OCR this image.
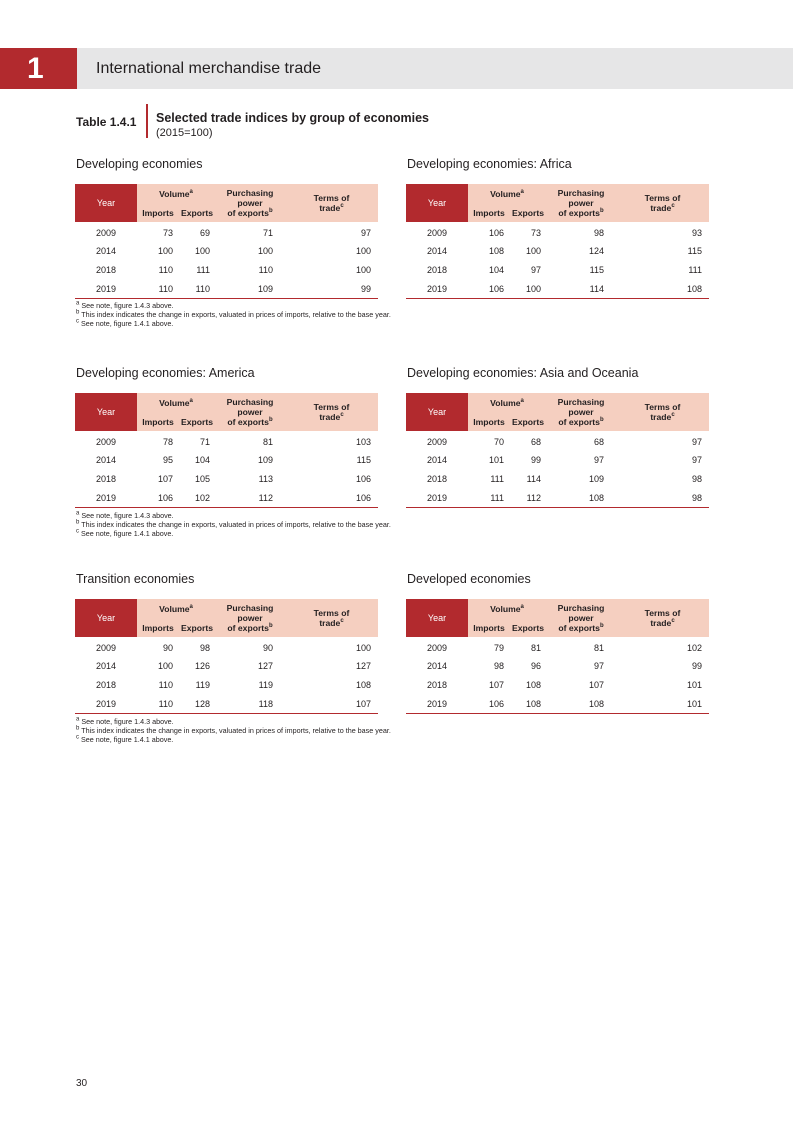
1	International merchandise trade
Table 1.4.1 Selected trade indices by group of economies
(2015=100)
Developing economies
Year	Volume$^a$		Purchasing
power
of exports$^b$	Terms of
trade$^c$
	Imports	Exports		
2009	73	69	71	97
2014	100	100	100	100
2018	110	111	110	100
2019	110	110	109	99
Developing economies: Africa
Year	Volume$^a$		Purchasing
power
of exports$^b$	Terms of
trade$^c$
	Imports	Exports		
2009	106	73	98	93
2014	108	100	124	115
2018	104	97	115	111
2019	106	100	114	108

$^a$ See note, figure 1.4.3 above.

$^b$ This index indicates the change in exports, valuated in prices of imports, relative to the base year.

$^c$ See note, figure 1.4.1 above.

Developing economies: America
Year	Volume$^a$		Purchasing
power
of exports$^b$	Terms of
trade$^c$
	Imports	Exports		
2009	78	71	81	103
2014	95	104	109	115
2018	107	105	113	106
2019	106	102	112	106
Developing economies: Asia and Oceania
Year	Volume$^a$		Purchasing
power
of exports$^b$	Terms of
trade$^c$
	Imports	Exports		
2009	70	68	68	97
2014	101	99	97	97
2018	111	114	109	98
2019	111	112	108	98

$^a$ See note, figure 1.4.3 above.

$^b$ This index indicates the change in exports, valuated in prices of imports, relative to the base year.

$^c$ See note, figure 1.4.1 above.

Transition economies
Year	Volume$^a$		Purchasing
power
of exports$^b$	Terms of
trade$^c$
	Imports	Exports		
2009	90	98	90	100
2014	100	126	127	127
2018	110	119	119	108
2019	110	128	118	107
Developed economies
Year	Volume$^a$		Purchasing
power
of exports$^b$	Terms of
trade$^c$
	Imports	Exports		
2009	79	81	81	102
2014	98	96	97	99
2018	107	108	107	101
2019	106	108	108	101

$^a$ See note, figure 1.4.3 above.

$^b$ This index indicates the change in exports, valuated in prices of imports, relative to the base year.

$^c$ See note, figure 1.4.1 above.

30
